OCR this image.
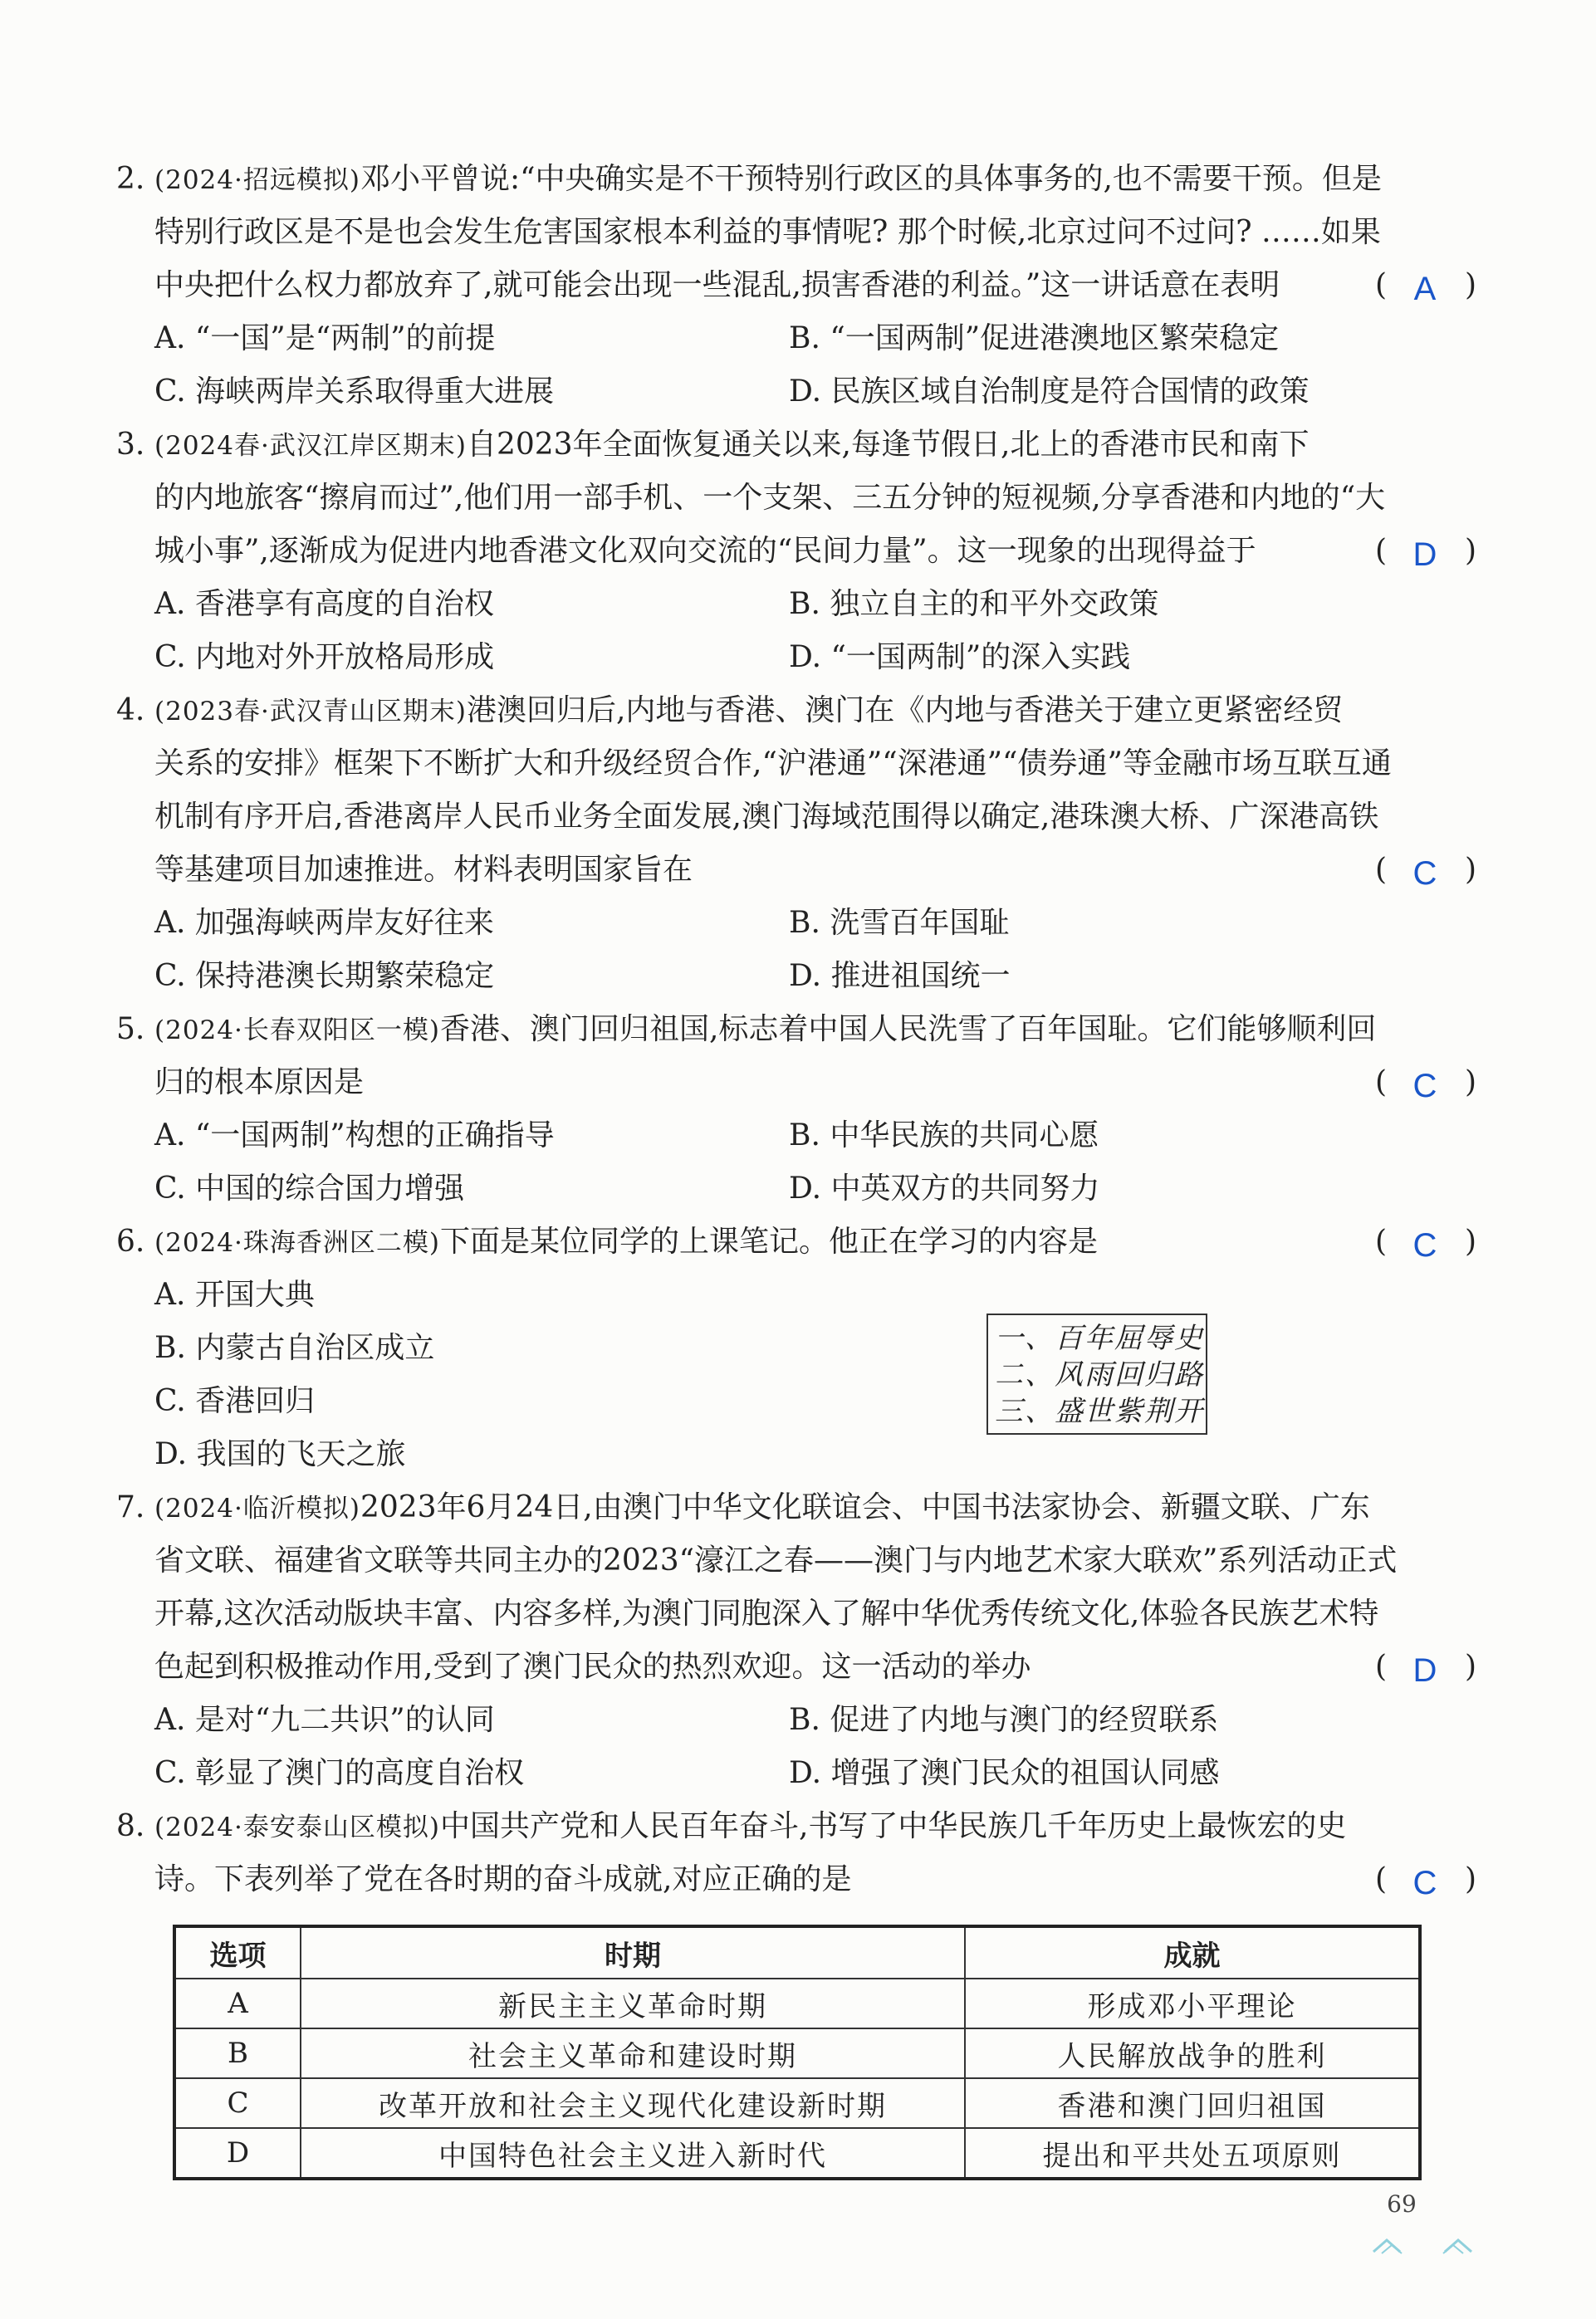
2. (2024·招远模拟)邓小平曾说:“中央确实是不干预特别行政区的具体事务的,也不需要干预。但是
特别行政区是不是也会发生危害国家根本利益的事情呢? 那个时候,北京过问不过问? ……如果
中央把什么权力都放弃了,就可能会出现一些混乱,损害香港的利益。”这一讲话意在表明	( A )
A. “一国”是“两制”的前提	B. “一国两制”促进港澳地区繁荣稳定
C. 海峡两岸关系取得重大进展	D. 民族区域自治制度是符合国情的政策
3. (2024春·武汉江岸区期末)自2023年全面恢复通关以来,每逢节假日,北上的香港市民和南下
的内地旅客“擦肩而过”,他们用一部手机、一个支架、三五分钟的短视频,分享香港和内地的“大
城小事”,逐渐成为促进内地香港文化双向交流的“民间力量”。这一现象的出现得益于	( D )
A. 香港享有高度的自治权	B. 独立自主的和平外交政策
C. 内地对外开放格局形成	D. “一国两制”的深入实践
4. (2023春·武汉青山区期末)港澳回归后,内地与香港、澳门在《内地与香港关于建立更紧密经贸
关系的安排》框架下不断扩大和升级经贸合作,“沪港通”“深港通”“债券通”等金融市场互联互通
机制有序开启,香港离岸人民币业务全面发展,澳门海域范围得以确定,港珠澳大桥、广深港高铁
等基建项目加速推进。材料表明国家旨在	( C )
A. 加强海峡两岸友好往来	B. 洗雪百年国耻
C. 保持港澳长期繁荣稳定	D. 推进祖国统一
5. (2024·长春双阳区一模)香港、澳门回归祖国,标志着中国人民洗雪了百年国耻。它们能够顺利回
归的根本原因是	( C )
A. “一国两制”构想的正确指导	B. 中华民族的共同心愿
C. 中国的综合国力增强	D. 中英双方的共同努力
6. (2024·珠海香洲区二模)下面是某位同学的上课笔记。他正在学习的内容是	( C )
A. 开国大典
B. 内蒙古自治区成立
C. 香港回归
D. 我国的飞天之旅
一、百年屈辱史
二、风雨回归路
三、盛世紫荆开
7. (2024·临沂模拟)2023年6月24日,由澳门中华文化联谊会、中国书法家协会、新疆文联、广东
省文联、福建省文联等共同主办的2023“濠江之春——澳门与内地艺术家大联欢”系列活动正式
开幕,这次活动版块丰富、内容多样,为澳门同胞深入了解中华优秀传统文化,体验各民族艺术特
色起到积极推动作用,受到了澳门民众的热烈欢迎。这一活动的举办	( D )
A. 是对“九二共识”的认同	B. 促进了内地与澳门的经贸联系
C. 彰显了澳门的高度自治权	D. 增强了澳门民众的祖国认同感
8. (2024·泰安泰山区模拟)中国共产党和人民百年奋斗,书写了中华民族几千年历史上最恢宏的史
诗。下表列举了党在各时期的奋斗成就,对应正确的是	( C )
选项	时期	成就
A	新民主主义革命时期	形成邓小平理论
B	社会主义革命和建设时期	人民解放战争的胜利
C	改革开放和社会主义现代化建设新时期	香港和澳门回归祖国
D	中国特色社会主义进入新时代	提出和平共处五项原则
69
